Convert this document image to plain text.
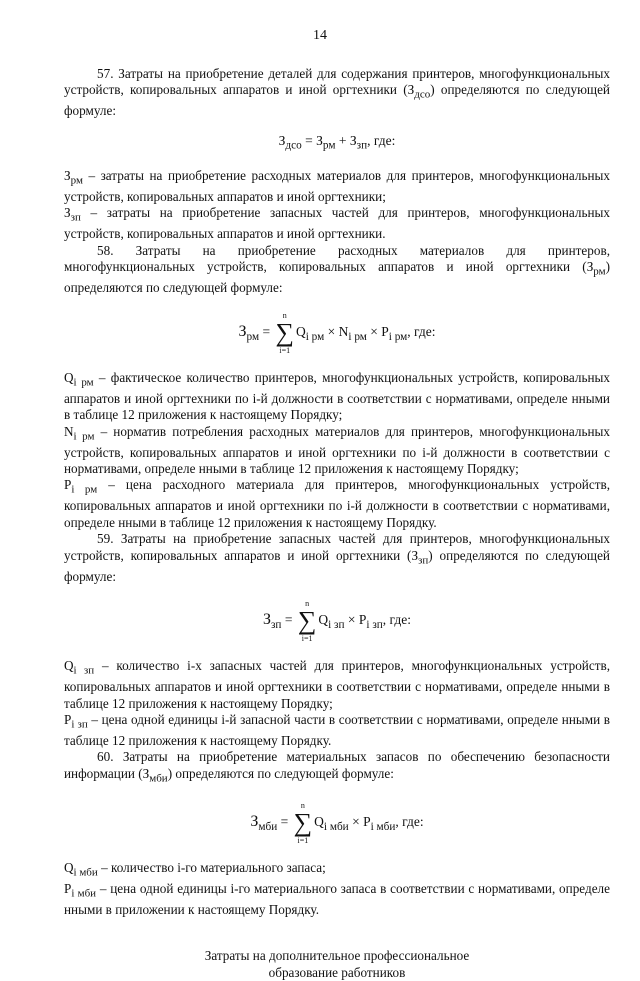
14

57. Затраты на приобретение деталей для содержания принтеров, многофункциональных устройств, копировальных аппаратов и иной оргтехники $(З_{дсо})$ определяются по следующей формуле:

$З_{дсо} = З_{рм} + З_{зп}$, где:

$З_{рм}$ – затраты на приобретение расходных материалов для принтеров, многофункциональных устройств, копировальных аппаратов и иной оргтехники;

$З_{зп}$ – затраты на приобретение запасных частей для принтеров, многофункциональных устройств, копировальных аппаратов и иной оргтехники.

58. Затраты на приобретение расходных материалов для принтеров, многофункциональных устройств, копировальных аппаратов и иной оргтехники $(З_{рм})$ определяются по следующей формуле:

$З_{рм}$ =
n
∑
i=1
$Q_{i рм} \times N_{i рм} \times P_{i рм}$, где:

$Q_{i рм}$ – фактическое количество принтеров, многофункциональных устройств, копировальных аппаратов и иной оргтехники по i-й должности в соответствии с нормативами, определе нными в таблице 12 приложения к настоящему Порядку;

$N_{i рм}$ – норматив потребления расходных материалов для принтеров, многофункциональных устройств, копировальных аппаратов и иной оргтехники по i-й должности в соответствии с нормативами, определе нными в таблице 12 приложения к настоящему Порядку;

$P_{i рм}$ – цена расходного материала для принтеров, многофункциональных устройств, копировальных аппаратов и иной оргтехники по i-й должности в соответствии с нормативами, определе нными в таблице 12 приложения к настоящему Порядку.

59. Затраты на приобретение запасных частей для принтеров, многофункциональных устройств, копировальных аппаратов и иной оргтехники $(З_{зп})$ определяются по следующей формуле:

$З_{зп}$ =
n
∑
i=1
$Q_{i зп} \times P_{i зп}$, где:

$Q_{i зп}$ – количество i-х запасных частей для принтеров, многофункциональных устройств, копировальных аппаратов и иной оргтехники в соответствии с нормативами, определе нными в таблице 12 приложения к настоящему Порядку;

$P_{i зп}$ – цена одной единицы i-й запасной части в соответствии с нормативами, определе нными в таблице 12 приложения к настоящему Порядку.

60. Затраты на приобретение материальных запасов по обеспечению безопасности информации $(З_{мби})$ определяются по следующей формуле:

$З_{мби}$ =
n
∑
i=1
$Q_{i мби} \times P_{i мби}$, где:

$Q_{i мби}$ – количество i-го материального запаса;

$P_{i мби}$ – цена одной единицы i-го материального запаса в соответствии с нормативами, определе нными в приложении к настоящему Порядку.

Затраты на дополнительное профессиональное
образование работников
